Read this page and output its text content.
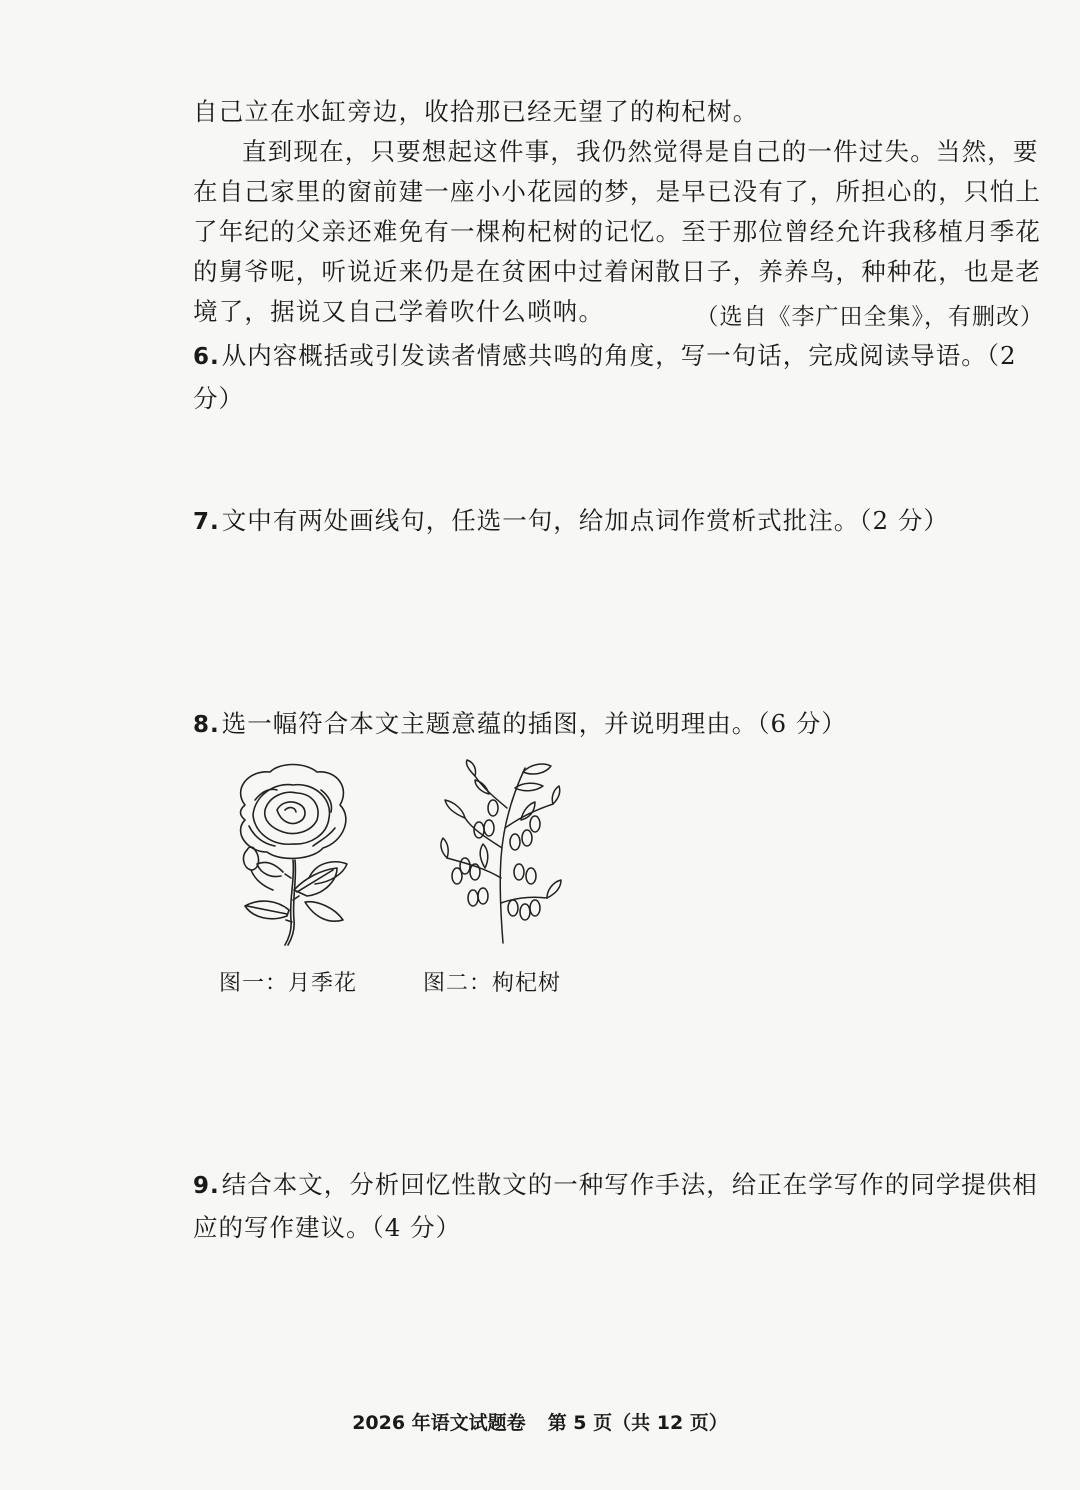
自己立在水缸旁边，收拾那已经无望了的枸杞树。

直到现在，只要想起这件事，我仍然觉得是自己的一件过失。当然，要在自己家里的窗前建一座小小花园的梦，是早已没有了，所担心的，只怕上了年纪的父亲还难免有一棵枸杞树的记忆。至于那位曾经允许我移植月季花的舅爷呢，听说近来仍是在贫困中过着闲散日子，养养鸟，种种花，也是老境了，据说又自己学着吹什么唢呐。	（选自《李广田全集》，有删改）
6.从内容概括或引发读者情感共鸣的角度，写一句话，完成阅读导语。（2 分）
7.文中有两处画线句，任选一句，给加点词作赏析式批注。（2 分）
8.选一幅符合本文主题意蕴的插图，并说明理由。（6 分）
图一：月季花	图二：枸杞树
9.结合本文，分析回忆性散文的一种写作手法，给正在学写作的同学提供相应的写作建议。（4 分）
2026 年语文试题卷 第 5 页（共 12 页）
